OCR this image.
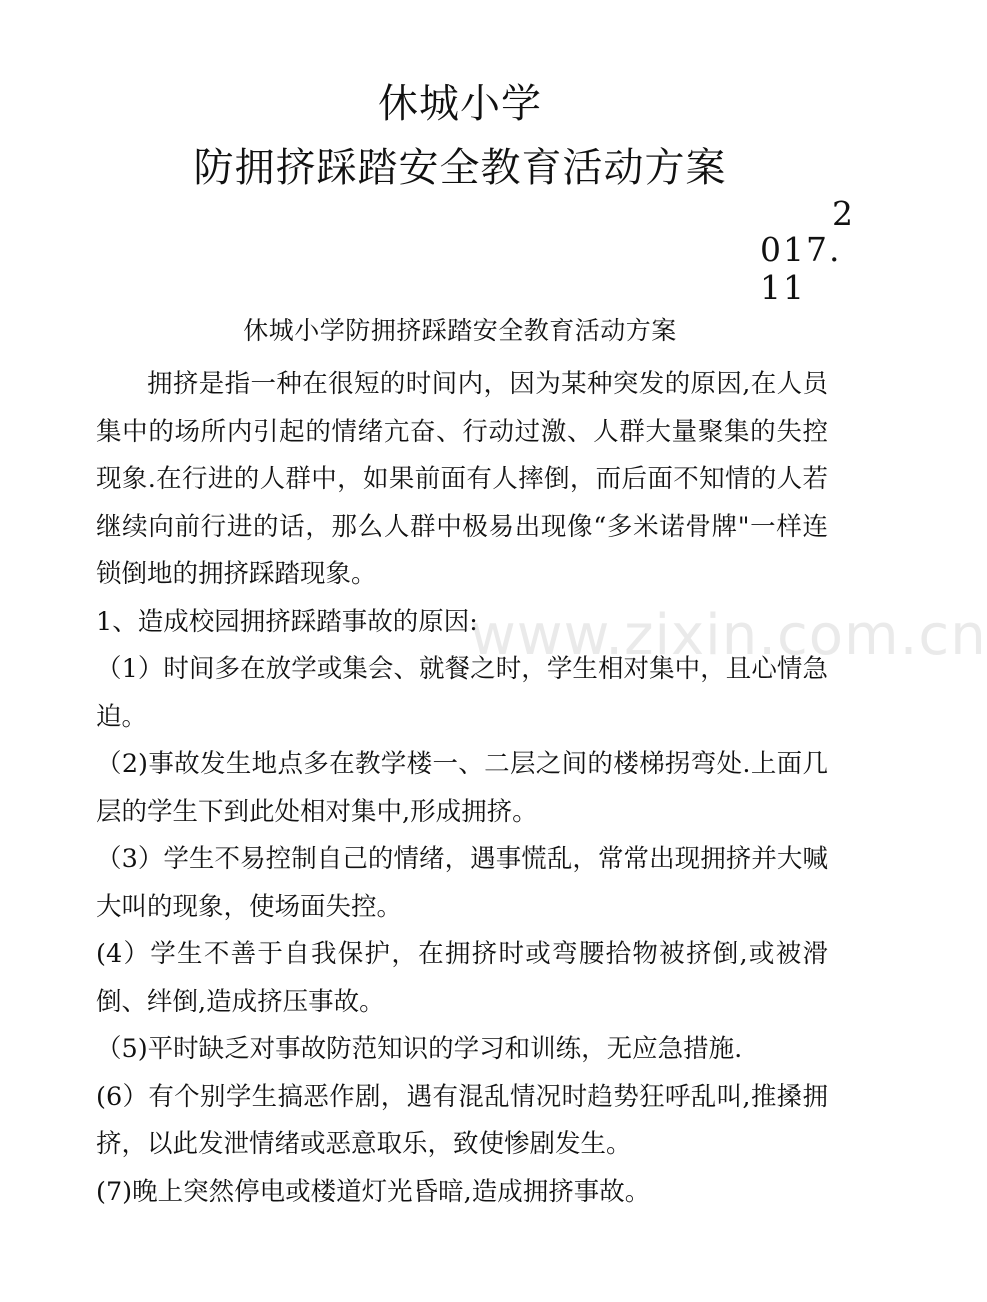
休城小学
防拥挤踩踏安全教育活动方案
2
017.
11
休城小学防拥挤踩踏安全教育活动方案

拥挤是指一种在很短的时间内，因为某种突发的原因,在人员集中的场所内引起的情绪亢奋、行动过激、人群大量聚集的失控现象.在行进的人群中，如果前面有人摔倒，而后面不知情的人若继续向前行进的话，那么人群中极易出现像“多米诺骨牌"一样连锁倒地的拥挤踩踏现象。

1、造成校园拥挤踩踏事故的原因:

（1）时间多在放学或集会、就餐之时，学生相对集中，且心情急迫。

（2)事故发生地点多在教学楼一、二层之间的楼梯拐弯处.上面几层的学生下到此处相对集中,形成拥挤。

（3）学生不易控制自己的情绪，遇事慌乱，常常出现拥挤并大喊大叫的现象，使场面失控。

(4）学生不善于自我保护，在拥挤时或弯腰拾物被挤倒,或被滑倒、绊倒,造成挤压事故。

（5)平时缺乏对事故防范知识的学习和训练，无应急措施.

(6）有个别学生搞恶作剧，遇有混乱情况时趋势狂呼乱叫,推搡拥挤，以此发泄情绪或恶意取乐，致使惨剧发生。

(7)晚上突然停电或楼道灯光昏暗,造成拥挤事故。

www.zixin.com.cn
